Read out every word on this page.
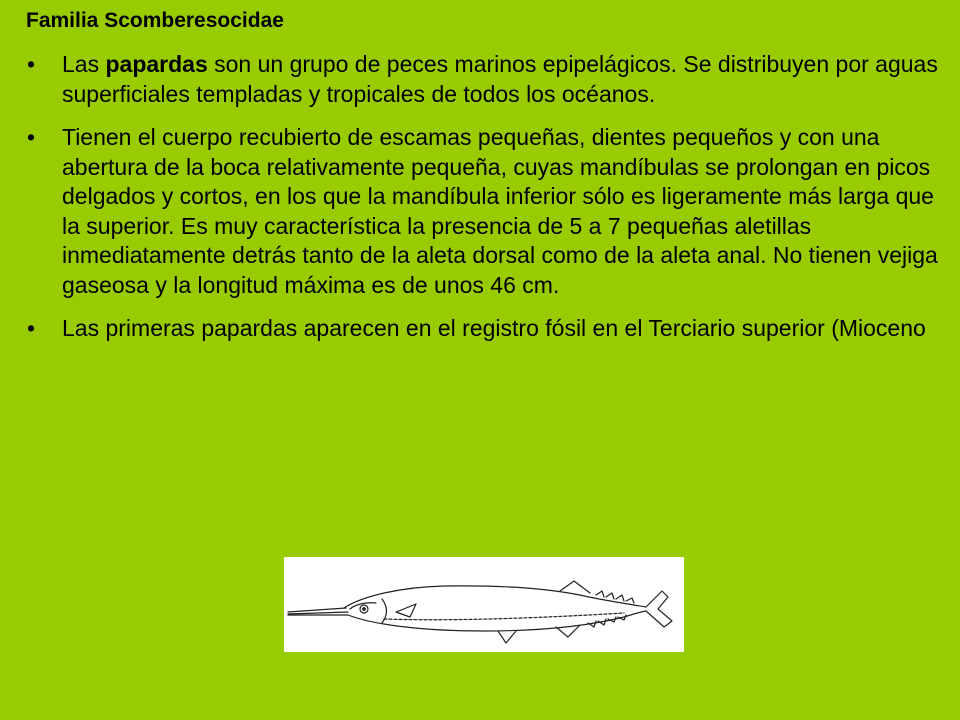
Familia Scomberesocidae
• Las papardas son un grupo de peces marinos epipelágicos. Se distribuyen por aguas superficiales templadas y tropicales de todos los océanos.
• Tienen el cuerpo recubierto de escamas pequeñas, dientes pequeños y con una abertura de la boca relativamente pequeña, cuyas mandíbulas se prolongan en picos delgados y cortos, en los que la mandíbula inferior sólo es ligeramente más larga que la superior. Es muy característica la presencia de 5 a 7 pequeñas aletillas inmediatamente detrás tanto de la aleta dorsal como de la aleta anal. No tienen vejiga gaseosa y la longitud máxima es de unos 46 cm.
• Las primeras papardas aparecen en el registro fósil en el Terciario superior (Mioceno
